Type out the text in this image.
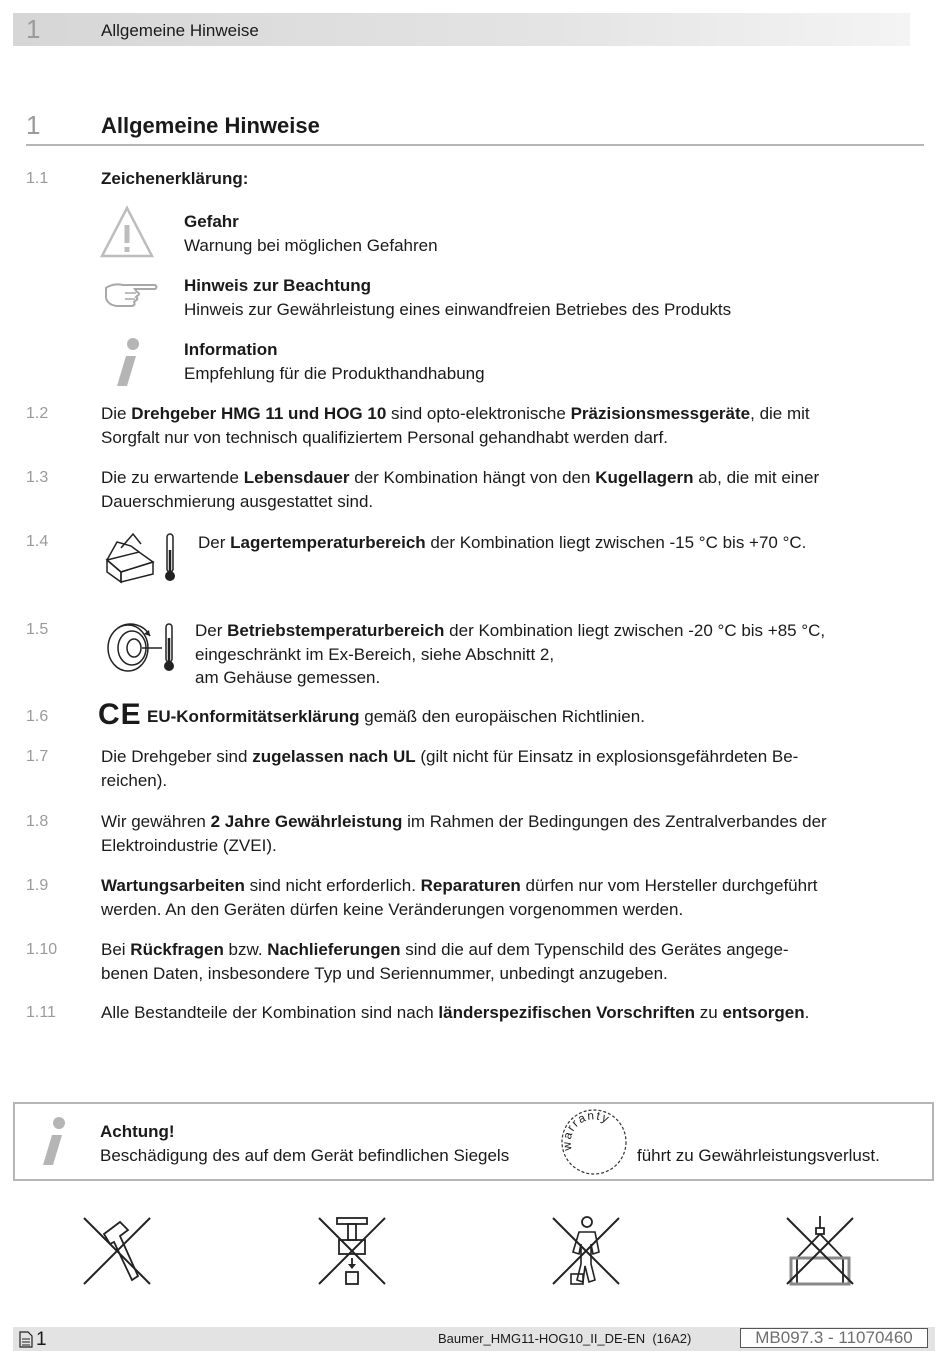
1	Allgemeine Hinweise
1	Allgemeine Hinweise
1.1	Zeichenerklärung:
Gefahr
Warnung bei möglichen Gefahren
Hinweis zur Beachtung
Hinweis zur Gewährleistung eines einwandfreien Betriebes des Produkts
Information
Empfehlung für die Produkthandhabung
1.2	Die Drehgeber HMG 11 und HOG 10 sind opto-elektronische Präzisionsmessgeräte, die mit
Sorgfalt nur von technisch qualifiziertem Personal gehandhabt werden darf.
1.3	Die zu erwartende Lebensdauer der Kombination hängt von den Kugellagern ab, die mit einer
Dauerschmierung ausgestattet sind.
1.4	Der Lagertemperaturbereich der Kombination liegt zwischen -15 °C bis +70 °C.
1.5	Der Betriebstemperaturbereich der Kombination liegt zwischen -20 °C bis +85 °C,
eingeschränkt im Ex-Bereich, siehe Abschnitt 2,
am Gehäuse gemessen.
1.6 CE EU-Konformitätserklärung gemäß den europäischen Richtlinien.
1.7	Die Drehgeber sind zugelassen nach UL (gilt nicht für Einsatz in explosionsgefährdeten Be-
reichen).
1.8	Wir gewähren 2 Jahre Gewährleistung im Rahmen der Bedingungen des Zentralverbandes der
Elektroindustrie (ZVEI).
1.9	Wartungsarbeiten sind nicht erforderlich. Reparaturen dürfen nur vom Hersteller durchgeführt
werden. An den Geräten dürfen keine Veränderungen vorgenommen werden.
1.10	Bei Rückfragen bzw. Nachlieferungen sind die auf dem Typenschild des Gerätes angege-
benen Daten, insbesondere Typ und Seriennummer, unbedingt anzugeben.
1.11	Alle Bestandteile der Kombination sind nach länderspezifischen Vorschriften zu entsorgen.
Achtung!
Beschädigung des auf dem Gerät befindlichen Siegels
warranty
führt zu Gewährleistungsverlust.
1	Baumer_HMG11-HOG10_II_DE-EN  (16A2)	MB097.3 - 11070460
